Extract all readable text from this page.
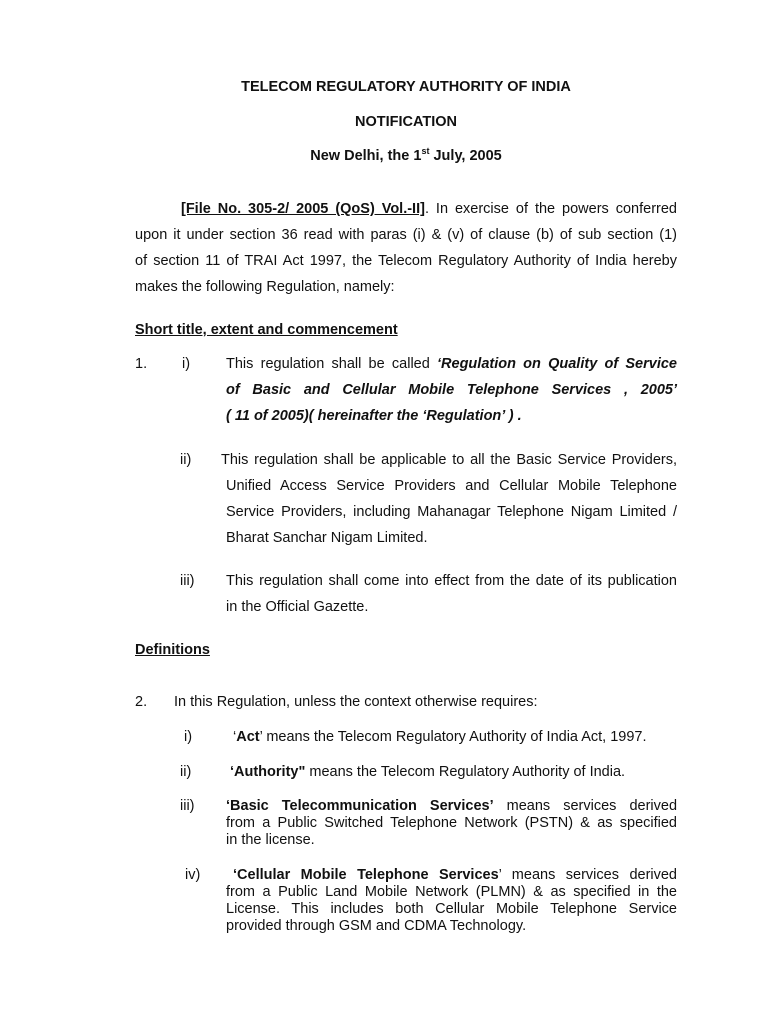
TELECOM REGULATORY AUTHORITY OF INDIA
NOTIFICATION
New Delhi, the 1st July, 2005
[File No. 305-2/ 2005 (QoS) Vol.-II]. In exercise of the powers conferred
upon it under section 36 read with paras (i) & (v) of clause (b) of sub section (1)
of section 11 of TRAI Act 1997, the Telecom Regulatory Authority of India hereby
makes the following Regulation, namely:
Short title, extent and commencement
1. i) This regulation shall be called ‘Regulation on Quality of Service
of Basic and Cellular Mobile Telephone Services , 2005’
( 11 of 2005)( hereinafter the ‘Regulation’ ) .
ii) This regulation shall be applicable to all the Basic Service Providers,
Unified Access Service Providers and Cellular Mobile Telephone
Service Providers, including Mahanagar Telephone Nigam Limited /
Bharat Sanchar Nigam Limited.
iii) This regulation shall come into effect from the date of its publication
in the Official Gazette.
Definitions
2. In this Regulation, unless the context otherwise requires:
i)	‘Act’ means the Telecom Regulatory Authority of India Act, 1997.
ii)	‘Authority" means the Telecom Regulatory Authority of India.
iii) ‘Basic Telecommunication Services’ means services derived
from a Public Switched Telephone Network (PSTN) & as specified
in the license.
iv) ‘Cellular Mobile Telephone Services’ means services derived
from a Public Land Mobile Network (PLMN) & as specified in the
License. This includes both Cellular Mobile Telephone Service
provided through GSM and CDMA Technology.
